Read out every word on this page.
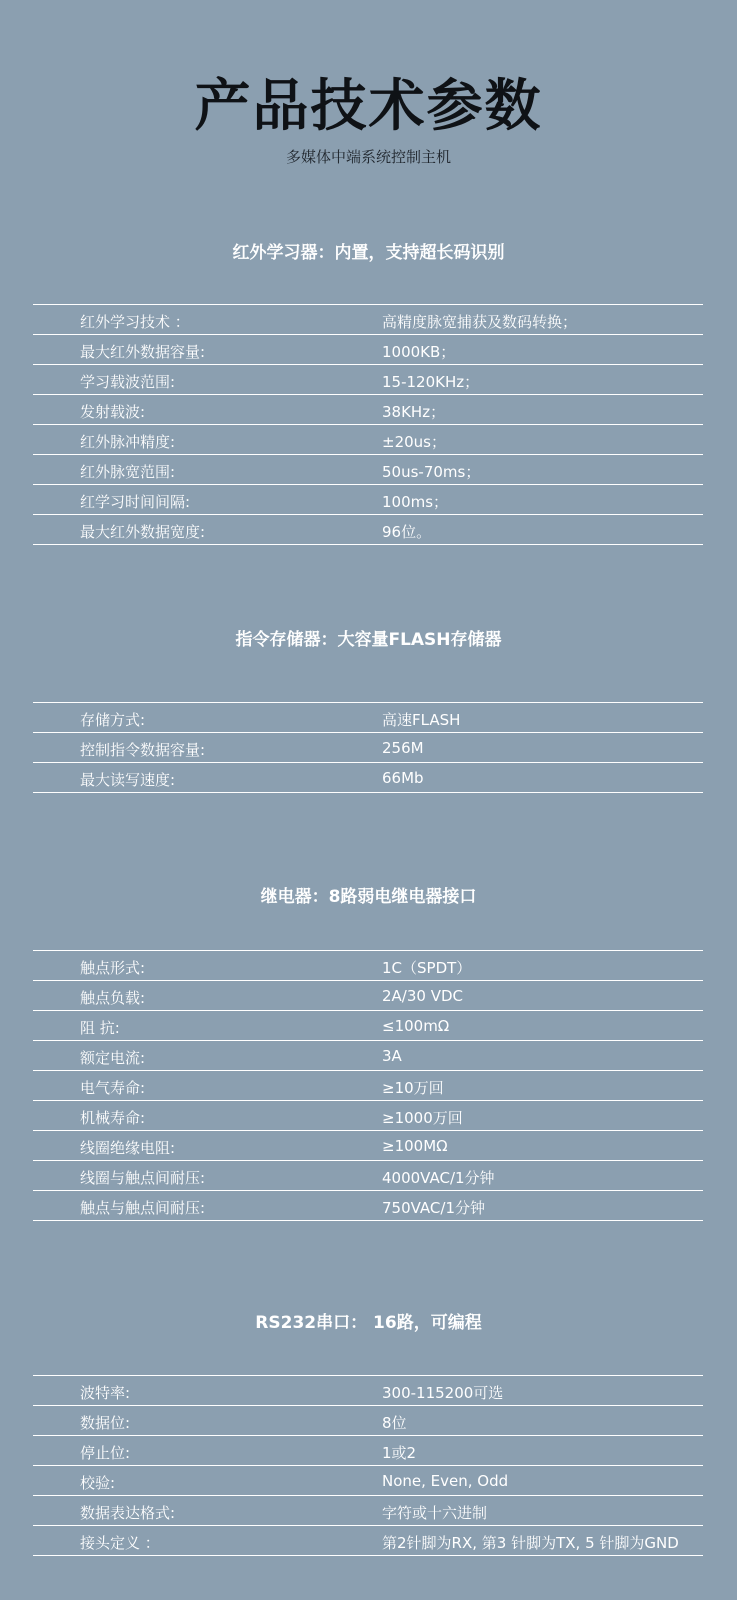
产品技术参数
多媒体中端系统控制主机
红外学习器：内置，支持超长码识别
红外学习技术 ：	高精度脉宽捕获及数码转换；
最大红外数据容量:	1000KB；
学习载波范围:	15-120KHz；
发射载波:	38KHz；
红外脉冲精度:	±20us；
红外脉宽范围:	50us-70ms；
红学习时间间隔:	100ms；
最大红外数据宽度:	96位。
指令存储器：大容量FLASH存储器
存储方式:	高速FLASH
控制指令数据容量:	256M
最大读写速度:	66Mb
继电器：8路弱电继电器接口
触点形式:	1C（SPDT）
触点负载:	2A/30 VDC
阻 抗:	≤100mΩ
额定电流:	3A
电气寿命:	≥10万回
机械寿命:	≥1000万回
线圈绝缘电阻:	≥100MΩ
线圈与触点间耐压:	4000VAC/1分钟
触点与触点间耐压:	750VAC/1分钟
RS232串口： 16路，可编程
波特率:	300-115200可选
数据位:	8位
停止位:	1或2
校验:	None, Even, Odd
数据表达格式:	字符或十六进制
接头定义 ：	第2针脚为RX, 第3 针脚为TX, 5 针脚为GND
